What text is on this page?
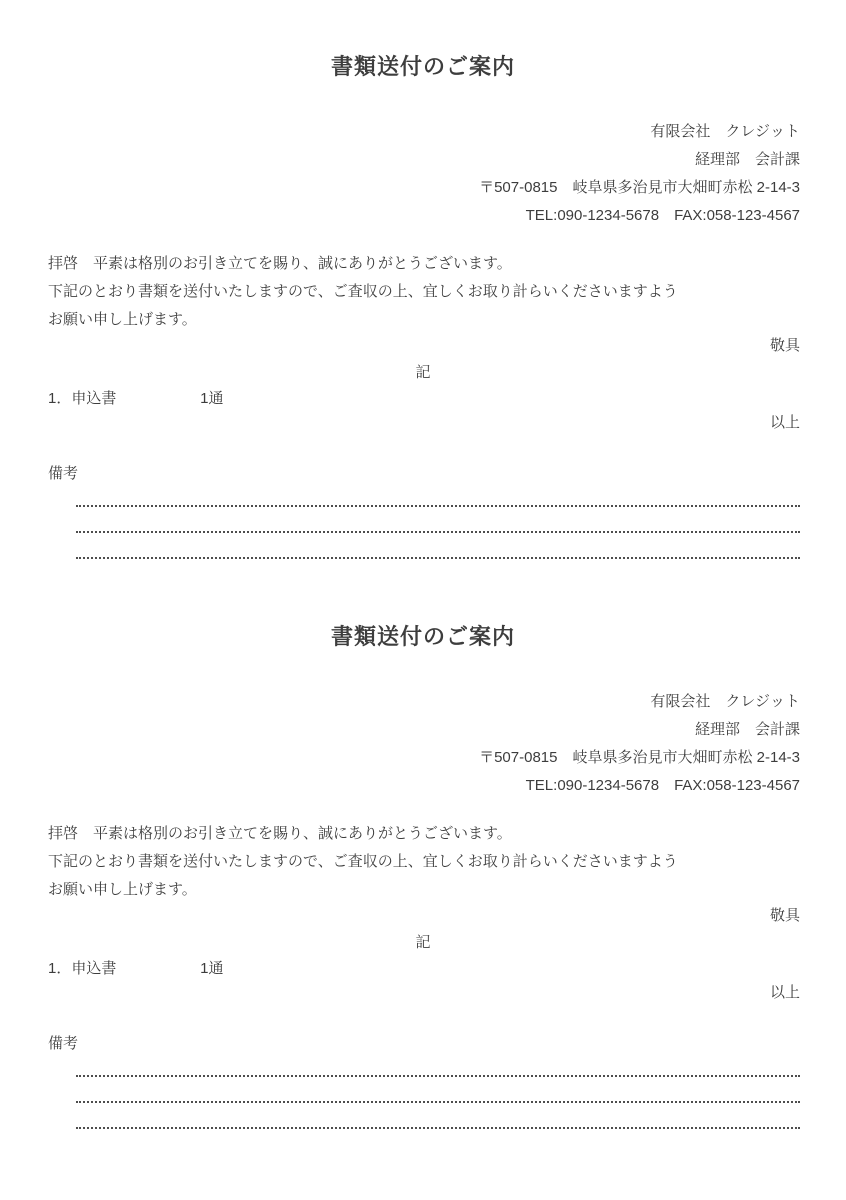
書類送付のご案内
有限会社　クレジット
経理部　会計課
〒507-0815　岐阜県多治見市大畑町赤松 2-14-3
TEL:090-1234-5678　FAX:058-123-4567
拝啓　平素は格別のお引き立てを賜り、誠にありがとうございます。
下記のとおり書類を送付いたしますので、ご査収の上、宜しくお取り計らいくださいますよう
お願い申し上げます。
敬具
記
1．申込書	1通
以上
備考
書類送付のご案内
有限会社　クレジット
経理部　会計課
〒507-0815　岐阜県多治見市大畑町赤松 2-14-3
TEL:090-1234-5678　FAX:058-123-4567
拝啓　平素は格別のお引き立てを賜り、誠にありがとうございます。
下記のとおり書類を送付いたしますので、ご査収の上、宜しくお取り計らいくださいますよう
お願い申し上げます。
敬具
記
1．申込書	1通
以上
備考
